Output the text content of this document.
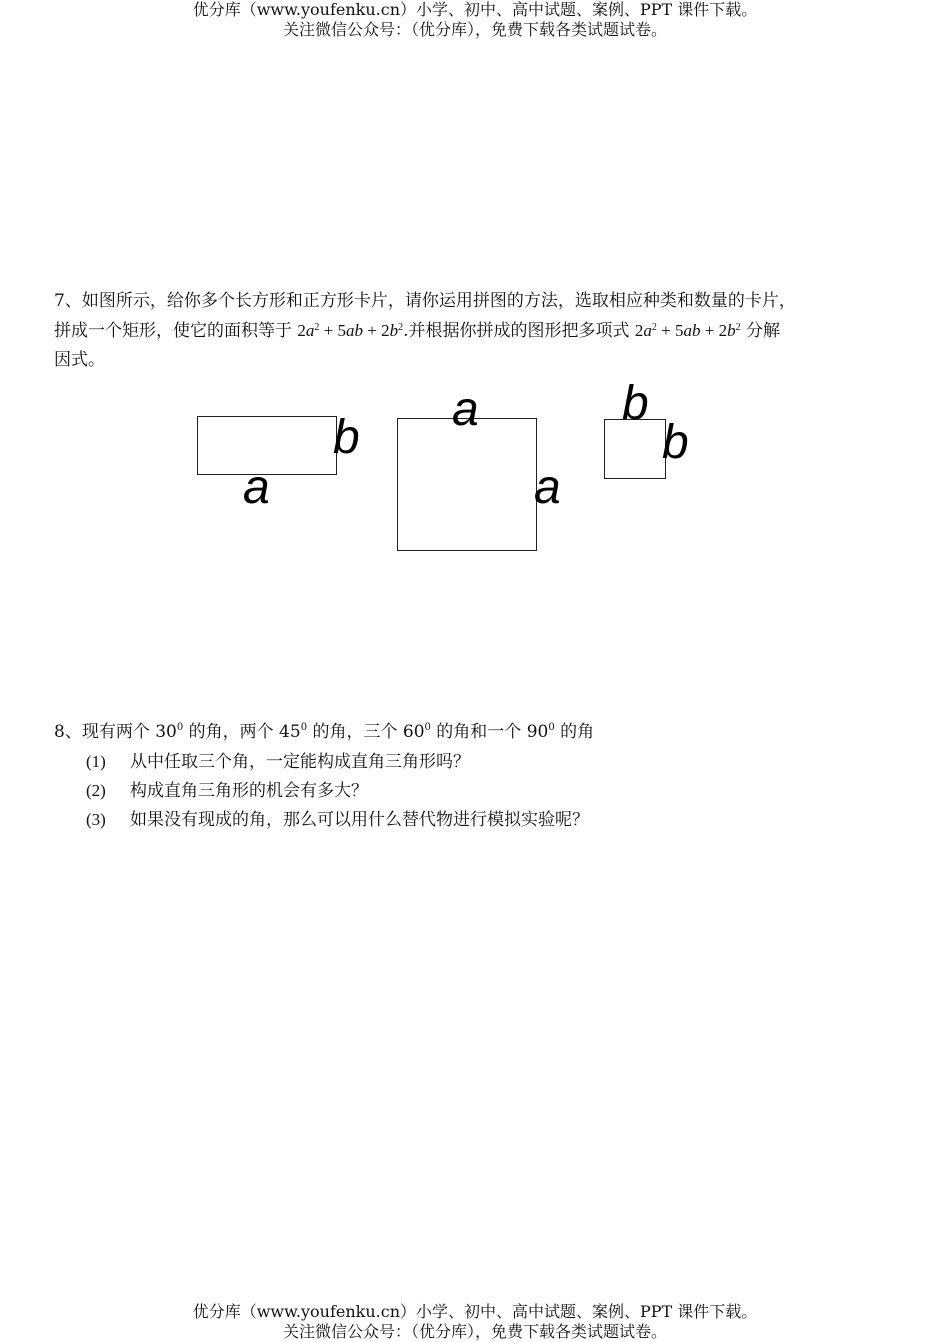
优分库（www.youfenku.cn）小学、初中、高中试题、案例、PPT 课件下载。
关注微信公众号：（优分库），免费下载各类试题试卷。
7、如图所示，给你多个长方形和正方形卡片，请你运用拼图的方法，选取相应种类和数量的卡片，
拼成一个矩形，使它的面积等于 $2a^2 + 5ab + 2b^2$.并根据你拼成的图形把多项式 $2a^2 + 5ab + 2b^2$ 分解
因式。
b
a
a
a
b
b
8、现有两个 $30^0$ 的角，两个 $45^0$ 的角，三个 $60^0$ 的角和一个 $90^0$ 的角
(1) 从中任取三个角，一定能构成直角三角形吗？
(2) 构成直角三角形的机会有多大？
(3) 如果没有现成的角，那么可以用什么替代物进行模拟实验呢？
优分库（www.youfenku.cn）小学、初中、高中试题、案例、PPT 课件下载。
关注微信公众号：（优分库），免费下载各类试题试卷。
